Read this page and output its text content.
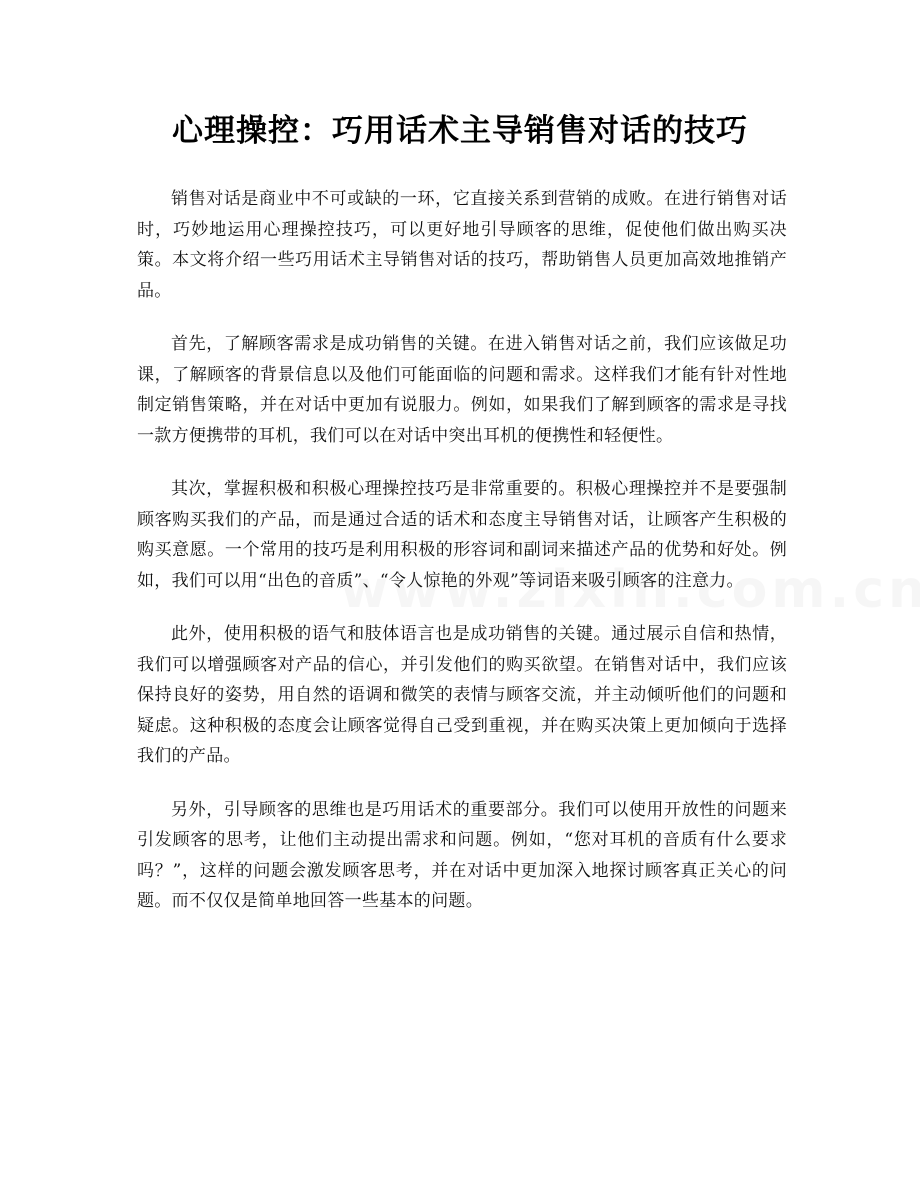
心理操控：巧用话术主导销售对话的技巧

销售对话是商业中不可或缺的一环，它直接关系到营销的成败。在进行销售对话时，巧妙地运用心理操控技巧，可以更好地引导顾客的思维，促使他们做出购买决策。本文将介绍一些巧用话术主导销售对话的技巧，帮助销售人员更加高效地推销产品。

首先，了解顾客需求是成功销售的关键。在进入销售对话之前，我们应该做足功课，了解顾客的背景信息以及他们可能面临的问题和需求。这样我们才能有针对性地制定销售策略，并在对话中更加有说服力。例如，如果我们了解到顾客的需求是寻找一款方便携带的耳机，我们可以在对话中突出耳机的便携性和轻便性。

其次，掌握积极和积极心理操控技巧是非常重要的。积极心理操控并不是要强制顾客购买我们的产品，而是通过合适的话术和态度主导销售对话，让顾客产生积极的购买意愿。一个常用的技巧是利用积极的形容词和副词来描述产品的优势和好处。例如，我们可以用“出色的音质”、“令人惊艳的外观”等词语来吸引顾客的注意力。

此外，使用积极的语气和肢体语言也是成功销售的关键。通过展示自信和热情，我们可以增强顾客对产品的信心，并引发他们的购买欲望。在销售对话中，我们应该保持良好的姿势，用自然的语调和微笑的表情与顾客交流，并主动倾听他们的问题和疑虑。这种积极的态度会让顾客觉得自己受到重视，并在购买决策上更加倾向于选择我们的产品。

另外，引导顾客的思维也是巧用话术的重要部分。我们可以使用开放性的问题来引发顾客的思考，让他们主动提出需求和问题。例如，“您对耳机的音质有什么要求吗？”，这样的问题会激发顾客思考，并在对话中更加深入地探讨顾客真正关心的问题。而不仅仅是简单地回答一些基本的问题。
